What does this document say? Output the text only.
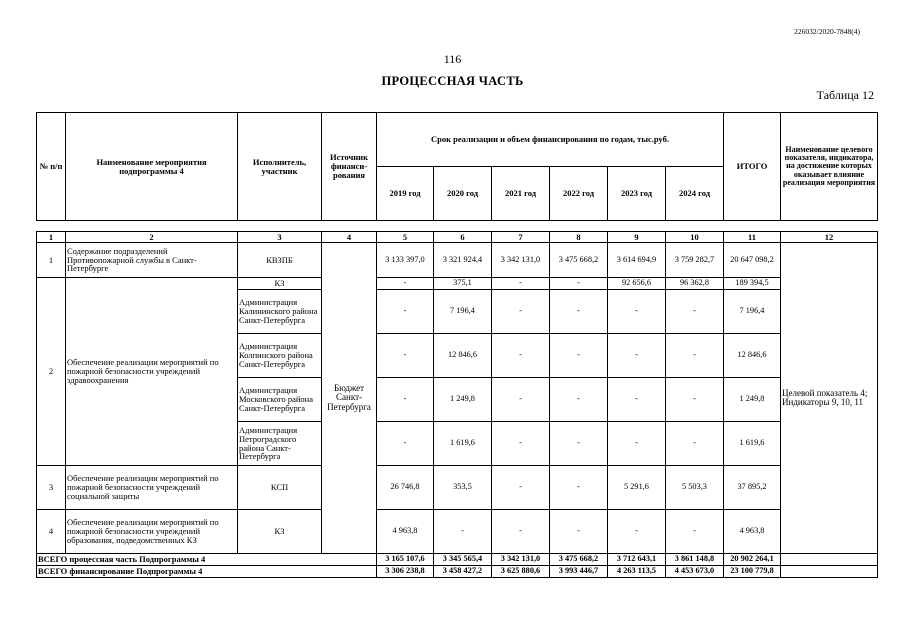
226032/2020-7848(4)
116
ПРОЦЕССНАЯ ЧАСТЬ
Таблица 12
№ п/п	Наименование мероприятия подпрограммы 4	Исполнитель, участник	Источник финанси-рования	Срок реализации и объем финансирования по годам, тыс.руб.						ИТОГО	Наименование целевого показателя, индикатора, на достижение которых оказывает влияние реализация мероприятия
				2019 год	2020 год	2021 год	2022 год	2023 год	2024 год		
1	2	3	4	5	6	7	8	9	10	11	12
1	Содержание подразделений Противопожарной службы в Санкт-Петербурге	КВЗПБ	Бюджет Санкт-Петербурга	3 133 397,0	3 321 924,4	3 342 131,0	3 475 668,2	3 614 694,9	3 759 282,7	20 647 098,2	Целевой показатель 4; Индикаторы 9, 10, 11
2	Обеспечение реализации мероприятий по пожарной безопасности учреждений здравоохранения	КЗ		-	375,1	-	-	92 656,6	96 362,8	189 394,5	
		Администрация Калининского района Санкт-Петербурга		-	7 196,4	-	-	-	-	7 196,4	
		Администрация Колпинского района Санкт-Петербурга		-	12 846,6	-	-	-	-	12 846,6	
		Администрация Московского района Санкт-Петербурга		-	1 249,8	-	-	-	-	1 249,8	
		Администрация Петроградского района Санкт-Петербурга		-	1 619,6	-	-	-	-	1 619,6	
3	Обеспечение реализации мероприятий по пожарной безопасности учреждений социальной защиты	КСП		26 746,8	353,5	-	-	5 291,6	5 503,3	37 895,2	
4	Обеспечение реализации мероприятий по пожарной безопасности учреждений образования, подведомственных КЗ	КЗ		4 963,8	-	-	-	-	-	4 963,8	
ВСЕГО процессная часть Подпрограммы 4				3 165 107,6	3 345 565,4	3 342 131,0	3 475 668,2	3 712 643,1	3 861 148,8	20 902 264,1	
ВСЕГО финансирование Подпрограммы 4				3 306 238,8	3 458 427,2	3 625 880,6	3 993 446,7	4 263 113,5	4 453 673,0	23 100 779,8	
